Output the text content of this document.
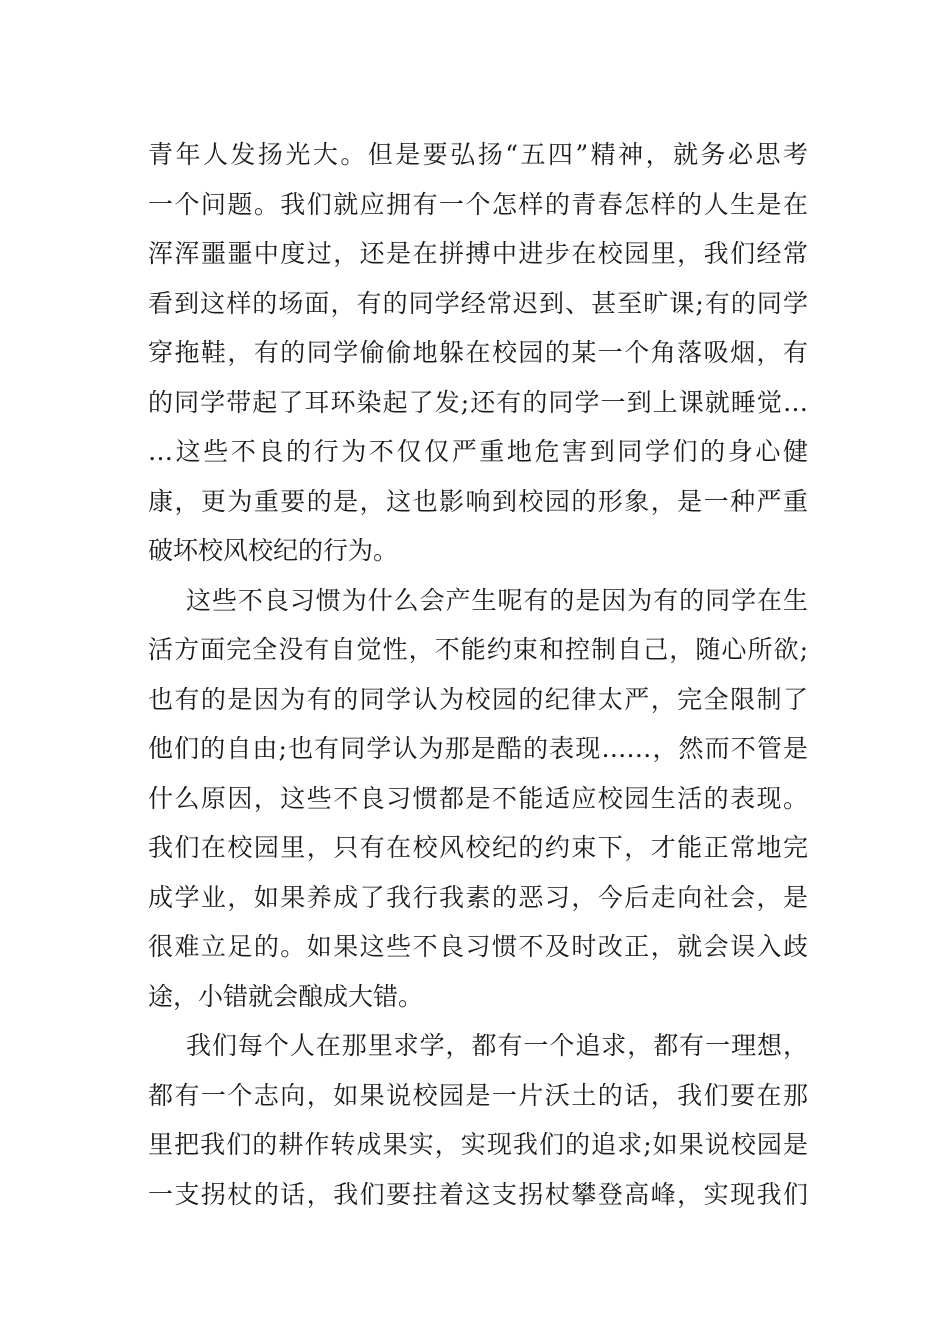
青年人发扬光大。但是要弘扬“五四”精神，就务必思考
一个问题。我们就应拥有一个怎样的青春怎样的人生是在
浑浑噩噩中度过，还是在拼搏中进步在校园里，我们经常
看到这样的场面，有的同学经常迟到、甚至旷课;有的同学
穿拖鞋，有的同学偷偷地躲在校园的某一个角落吸烟，有
的同学带起了耳环染起了发;还有的同学一到上课就睡觉…
…这些不良的行为不仅仅严重地危害到同学们的身心健
康，更为重要的是，这也影响到校园的形象，是一种严重
破坏校风校纪的行为。
这些不良习惯为什么会产生呢有的是因为有的同学在生
活方面完全没有自觉性，不能约束和控制自己，随心所欲;
也有的是因为有的同学认为校园的纪律太严，完全限制了
他们的自由;也有同学认为那是酷的表现……，然而不管是
什么原因，这些不良习惯都是不能适应校园生活的表现。
我们在校园里，只有在校风校纪的约束下，才能正常地完
成学业，如果养成了我行我素的恶习，今后走向社会，是
很难立足的。如果这些不良习惯不及时改正，就会误入歧
途，小错就会酿成大错。
我们每个人在那里求学，都有一个追求，都有一理想，
都有一个志向，如果说校园是一片沃土的话，我们要在那
里把我们的耕作转成果实，实现我们的追求;如果说校园是
一支拐杖的话，我们要拄着这支拐杖攀登高峰，实现我们
